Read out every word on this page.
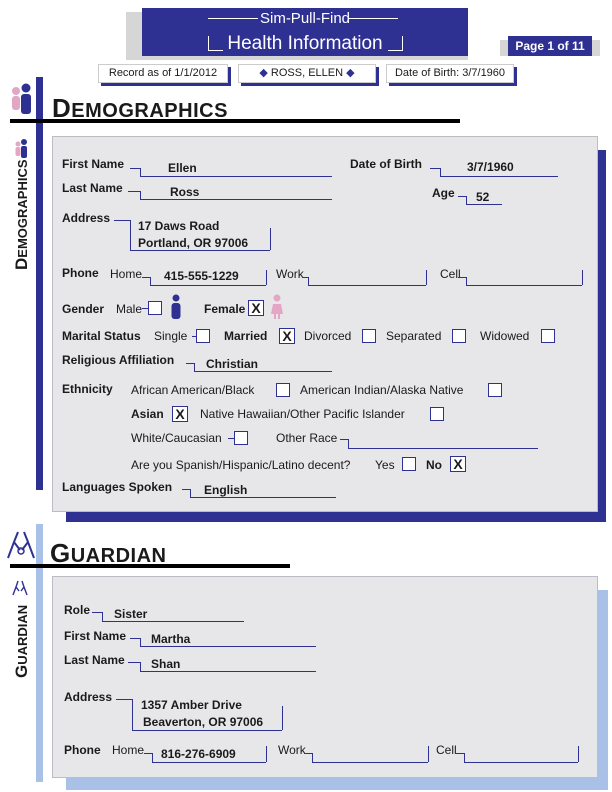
Sim-Pull-Find
Health Information	Page 1 of 11
Record as of 1/1/2012	◆ ROSS, ELLEN ◆	Date of Birth: 3/7/1960
DEMOGRAPHICS
DEMOGRAPHICS	First Name	Ellen	Date of Birth	3/7/1960
Last Name	Ross	Age 52
Address
17 Daws Road
Portland, OR 97006
Phone Home 415-555-1229	Work	Cell
Gender Male	Female X
Marital Status Single	Married X Divorced	Separated	Widowed
Religious Affiliation	Christian
Ethnicity African American/Black	American Indian/Alaska Native
Asian X Native Hawaiian/Other Pacific Islander
White/Caucasian	Other Race
Are you Spanish/Hispanic/Latino decent? Yes	No X
Languages Spoken	English
GUARDIAN
GUARDIAN	Role Sister
First Name Martha
Last Name Shan
Address
1357 Amber Drive
Beaverton, OR 97006
Phone Home 816-276-6909	Work	Cell
